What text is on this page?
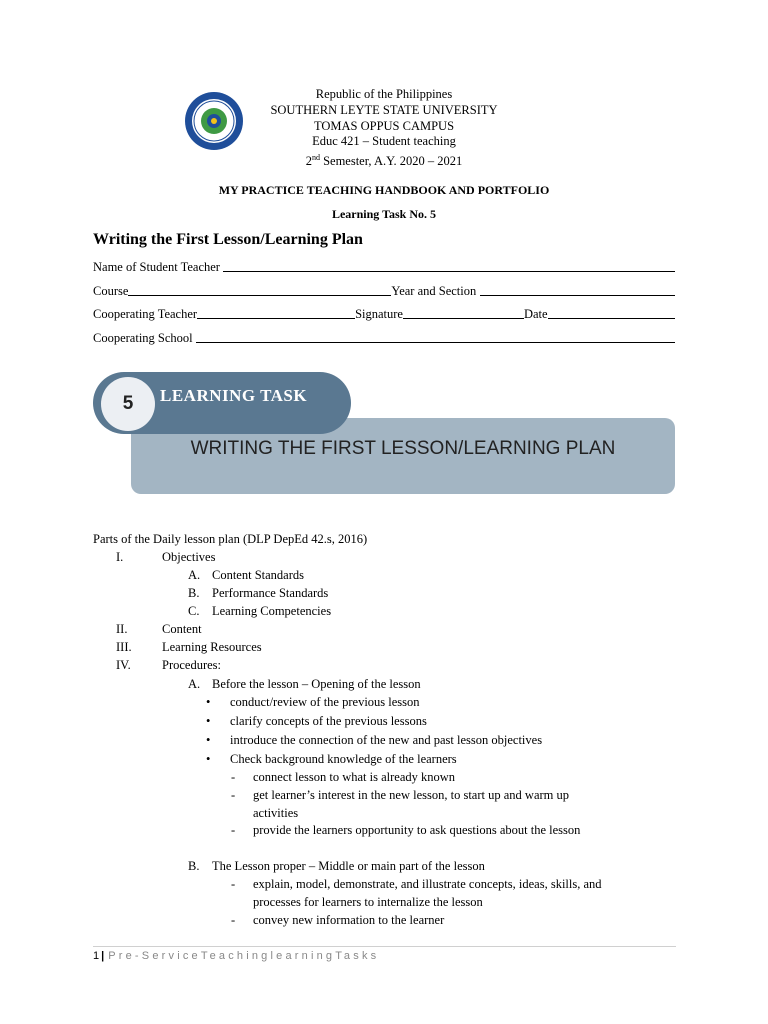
Republic of the Philippines
SOUTHERN LEYTE STATE UNIVERSITY
TOMAS OPPUS CAMPUS
Educ 421 – Student teaching
2nd Semester, A.Y. 2020 – 2021
MY PRACTICE TEACHING HANDBOOK AND PORTFOLIO
Learning Task No. 5
Writing the First Lesson/Learning Plan
Name of Student Teacher
Course	Year and Section
Cooperating Teacher	Signature	Date
Cooperating School
WRITING THE FIRST LESSON/LEARNING PLAN
5	LEARNING TASK
Parts of the Daily lesson plan (DLP DepEd 42.s, 2016)
I.	Objectives
A. Content Standards
B. Performance Standards
C. Learning Competencies
II.	Content
III. Learning Resources
IV.	Procedures:
A. Before the lesson – Opening of the lesson
• conduct/review of the previous lesson
• clarify concepts of the previous lessons
• introduce the connection of the new and past lesson objectives
• Check background knowledge of the learners
- connect lesson to what is already known
- get learner’s interest in the new lesson, to start up and warm up
activities
- provide the learners opportunity to ask questions about the lesson
B. The Lesson proper – Middle or main part of the lesson
- explain, model, demonstrate, and illustrate concepts, ideas, skills, and
processes for learners to internalize the lesson
- convey new information to the learner
1 | Pre-ServiceTeachinglearningTasks
